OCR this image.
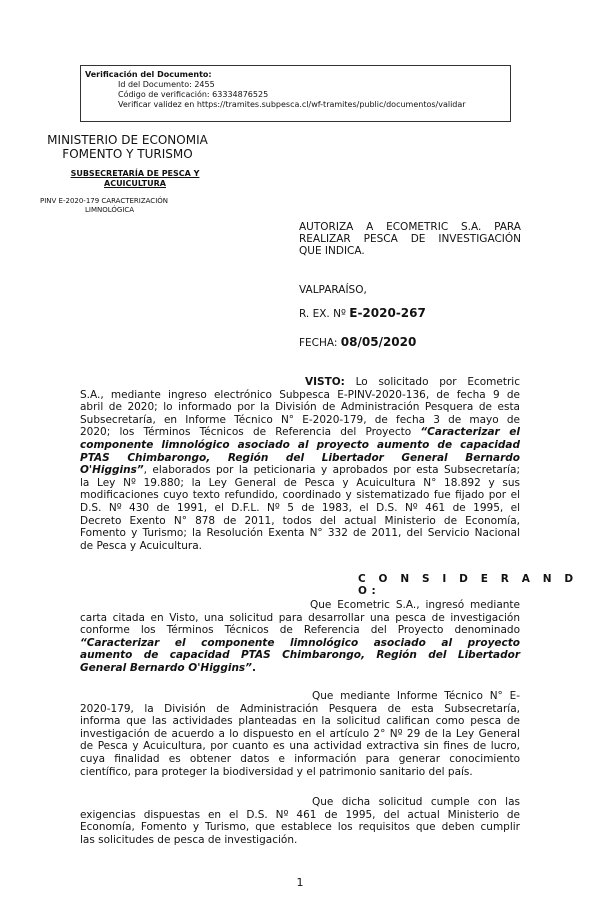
Verificación del Documento:
• Id del Documento: 2455
• Código de verificación: 63334876525
• Verificar validez en https://tramites.subpesca.cl/wf-tramites/public/documentos/validar
MINISTERIO DE ECONOMIA
FOMENTO Y TURISMO
SUBSECRETARÍA DE PESCA Y
ACUICULTURA
PINV E-2020-179 CARACTERIZACIÓN
LIMNOLÓGICA
AUTORIZA A ECOMETRIC S.A. PARA
REALIZAR PESCA DE INVESTIGACIÓN
QUE INDICA.
VALPARAÍSO,
R. EX. Nº E-2020-267
FECHA: 08/05/2020
VISTO: Lo solicitado por Ecometric
S.A., mediante ingreso electrónico Subpesca E-PINV-2020-136, de fecha 9 de
abril de 2020; lo informado por la División de Administración Pesquera de esta
Subsecretaría, en Informe Técnico N° E-2020-179, de fecha 3 de mayo de
2020; los Términos Técnicos de Referencia del Proyecto “Caracterizar el
componente limnológico asociado al proyecto aumento de capacidad
PTAS Chimbarongo, Región del Libertador General Bernardo
O'Higgins”, elaborados por la peticionaria y aprobados por esta Subsecretaría;
la Ley Nº 19.880; la Ley General de Pesca y Acuicultura N° 18.892 y sus
modificaciones cuyo texto refundido, coordinado y sistematizado fue fijado por el
D.S. Nº 430 de 1991, el D.F.L. Nº 5 de 1983, el D.S. Nº 461 de 1995, el
Decreto Exento N° 878 de 2011, todos del actual Ministerio de Economía,
Fomento y Turismo; la Resolución Exenta N° 332 de 2011, del Servicio Nacional
de Pesca y Acuicultura.
C O N S I D E R A N D O:
Que Ecometric S.A., ingresó mediante
carta citada en Visto, una solicitud para desarrollar una pesca de investigación
conforme los Términos Técnicos de Referencia del Proyecto denominado
“Caracterizar el componente limnológico asociado al proyecto
aumento de capacidad PTAS Chimbarongo, Región del Libertador
General Bernardo O'Higgins”.
Que mediante Informe Técnico N° E-
2020-179, la División de Administración Pesquera de esta Subsecretaría,
informa que las actividades planteadas en la solicitud califican como pesca de
investigación de acuerdo a lo dispuesto en el artículo 2° Nº 29 de la Ley General
de Pesca y Acuicultura, por cuanto es una actividad extractiva sin fines de lucro,
cuya finalidad es obtener datos e información para generar conocimiento
científico, para proteger la biodiversidad y el patrimonio sanitario del país.
Que dicha solicitud cumple con las
exigencias dispuestas en el D.S. Nº 461 de 1995, del actual Ministerio de
Economía, Fomento y Turismo, que establece los requisitos que deben cumplir
las solicitudes de pesca de investigación.
1
